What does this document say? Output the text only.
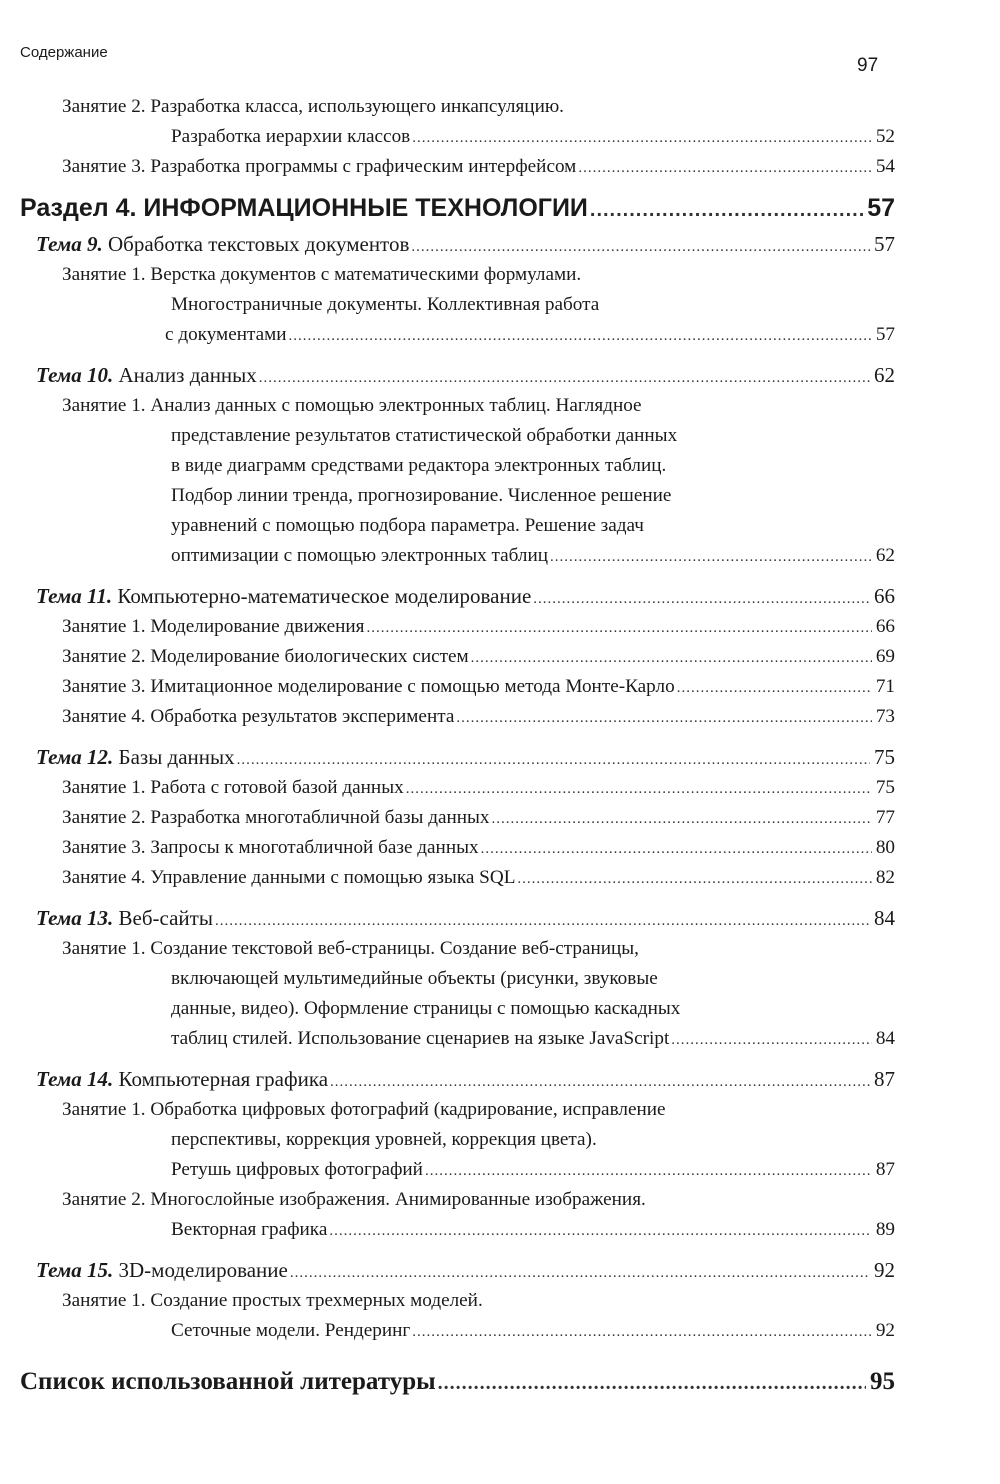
Содержание
97
Занятие 2. Разработка класса, использующего инкапсуляцию.
Разработка иерархии классов .....	52
Занятие 3. Разработка программы с графическим интерфейсом .....	54
Раздел 4. ИНФОРМАЦИОННЫЕ ТЕХНОЛОГИИ .....	57
Тема 9. Обработка текстовых документов .....	57
Занятие 1. Верстка документов с математическими формулами.
Многостраничные документы. Коллективная работа
с документами .....	57
Тема 10. Анализ данных .....	62
Занятие 1. Анализ данных с помощью электронных таблиц. Наглядное
представление результатов статистической обработки данных
в виде диаграмм средствами редактора электронных таблиц.
Подбор линии тренда, прогнозирование. Численное решение
уравнений с помощью подбора параметра. Решение задач
оптимизации с помощью электронных таблиц .....	62
Тема 11. Компьютерно-математическое моделирование .....	66
Занятие 1. Моделирование движения .....	66
Занятие 2. Моделирование биологических систем .....	69
Занятие 3. Имитационное моделирование с помощью метода Монте-Карло .....	71
Занятие 4. Обработка результатов эксперимента .....	73
Тема 12. Базы данных .....	75
Занятие 1. Работа с готовой базой данных .....	75
Занятие 2. Разработка многотабличной базы данных .....	77
Занятие 3. Запросы к многотабличной базе данных .....	80
Занятие 4. Управление данными с помощью языка SQL .....	82
Тема 13. Веб-сайты .....	84
Занятие 1. Создание текстовой веб-страницы. Создание веб-страницы,
включающей мультимедийные объекты (рисунки, звуковые
данные, видео). Оформление страницы с помощью каскадных
таблиц стилей. Использование сценариев на языке JavaScript .....	84
Тема 14. Компьютерная графика .....	87
Занятие 1. Обработка цифровых фотографий (кадрирование, исправление
перспективы, коррекция уровней, коррекция цвета).
Ретушь цифровых фотографий .....	87
Занятие 2. Многослойные изображения. Анимированные изображения.
Векторная графика .....	89
Тема 15. 3D-моделирование .....	92
Занятие 1. Создание простых трехмерных моделей.
Сеточные модели. Рендеринг .....	92
Список использованной литературы .....	95
